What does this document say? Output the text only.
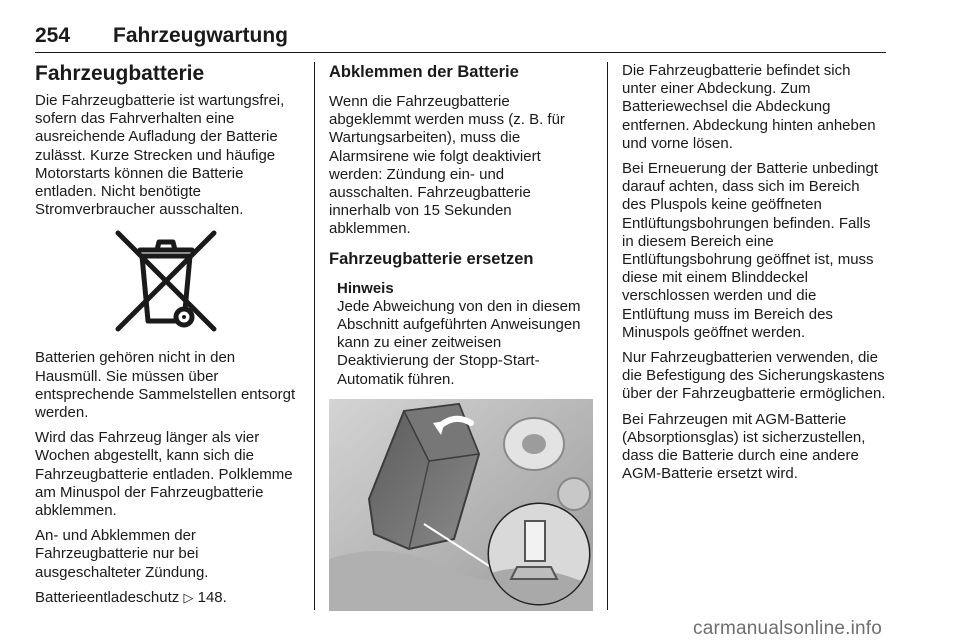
254 Fahrzeugwartung
Fahrzeugbatterie

Die Fahrzeugbatterie ist wartungsfrei, sofern das Fahrverhalten eine ausreichende Aufladung der Batterie zulässt. Kurze Strecken und häufige Motorstarts können die Batterie entladen. Nicht benötigte Stromverbraucher ausschalten.

Batterien gehören nicht in den Hausmüll. Sie müssen über entsprechende Sammelstellen entsorgt werden.

Wird das Fahrzeug länger als vier Wochen abgestellt, kann sich die Fahrzeugbatterie entladen. Polklemme am Minuspol der Fahrzeugbatterie abklemmen.

An- und Abklemmen der Fahrzeugbatterie nur bei ausgeschalteter Zündung.

Batterieentladeschutz ▷ 148.

Abklemmen der Batterie

Wenn die Fahrzeugbatterie abgeklemmt werden muss (z. B. für Wartungsarbeiten), muss die Alarmsirene wie folgt deaktiviert werden: Zündung ein- und ausschalten. Fahrzeugbatterie innerhalb von 15 Sekunden abklemmen.

Fahrzeugbatterie ersetzen

Hinweis

Jede Abweichung von den in diesem Abschnitt aufgeführten Anweisungen kann zu einer zeitweisen Deaktivierung der Stopp-Start-Automatik führen.

Die Fahrzeugbatterie befindet sich unter einer Abdeckung. Zum Batteriewechsel die Abdeckung entfernen. Abdeckung hinten anheben und vorne lösen.

Bei Erneuerung der Batterie unbedingt darauf achten, dass sich im Bereich des Pluspols keine geöffneten Entlüftungsbohrungen befinden. Falls in diesem Bereich eine Entlüftungsbohrung geöffnet ist, muss diese mit einem Blinddeckel verschlossen werden und die Entlüftung muss im Bereich des Minuspols geöffnet werden.

Nur Fahrzeugbatterien verwenden, die die Befestigung des Sicherungskastens über der Fahrzeugbatterie ermöglichen.

Bei Fahrzeugen mit AGM-Batterie (Absorptionsglas) ist sicherzustellen, dass die Batterie durch eine andere AGM-Batterie ersetzt wird.

carmanualsonline.info
